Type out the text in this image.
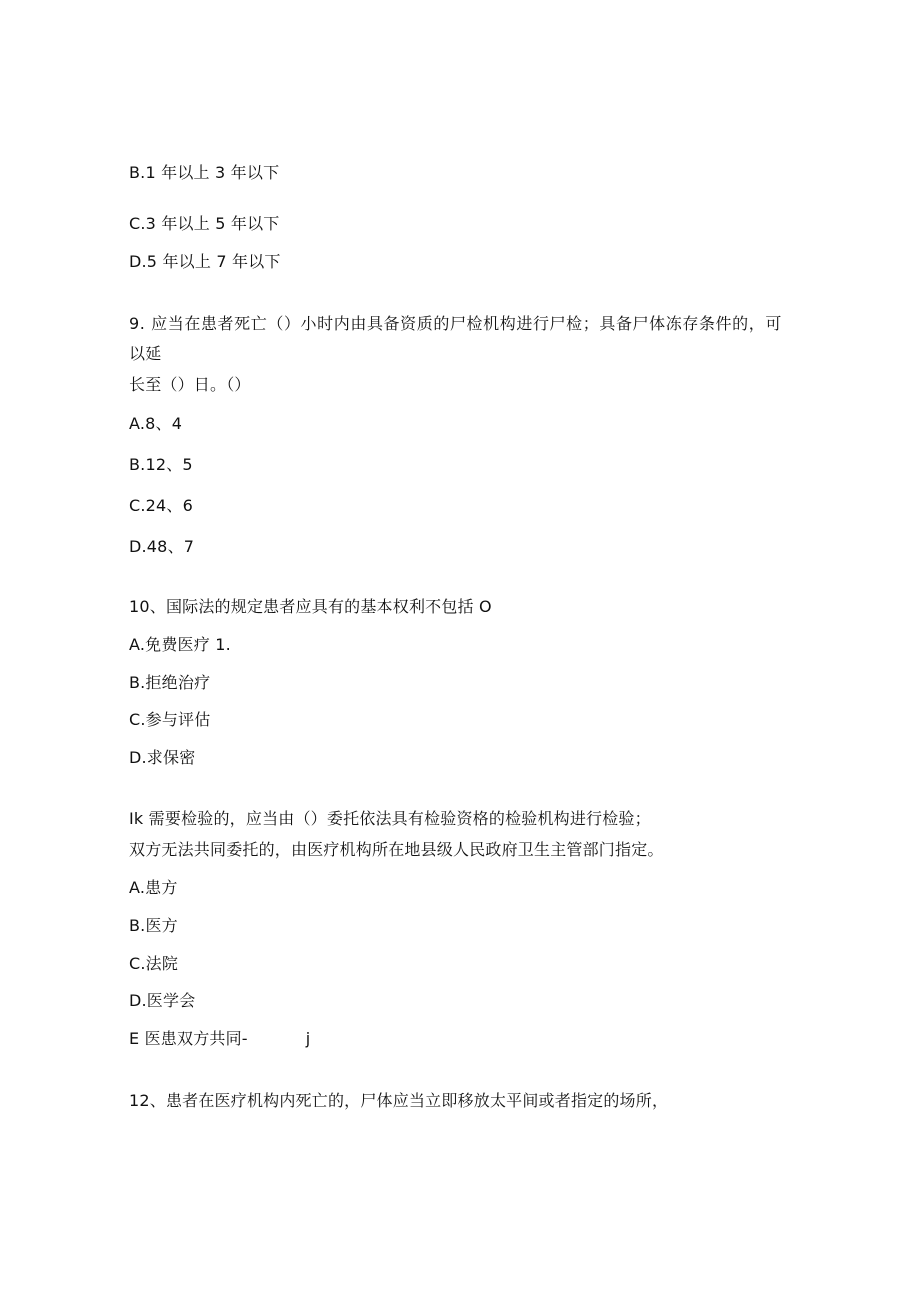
B.1 年以上 3 年以下
C.3 年以上 5 年以下
D.5 年以上 7 年以下
9. 应当在患者死亡（）小时内由具备资质的尸检机构进行尸检；具备尸体冻存条件的，可
以延
长至（）日。（）
A.8、4
B.12、5
C.24、6
D.48、7
10、国际法的规定患者应具有的基本权利不包括 O
A.免费医疗 1.
B.拒绝治疗
C.参与评估
D.求保密
Ik 需要检验的，应当由（）委托依法具有检验资格的检验机构进行检验；
双方无法共同委托的，由医疗机构所在地县级人民政府卫生主管部门指定。
A.患方
B.医方
C.法院
D.医学会
E 医患双方共同-	j
12、患者在医疗机构内死亡的，尸体应当立即移放太平间或者指定的场所，
